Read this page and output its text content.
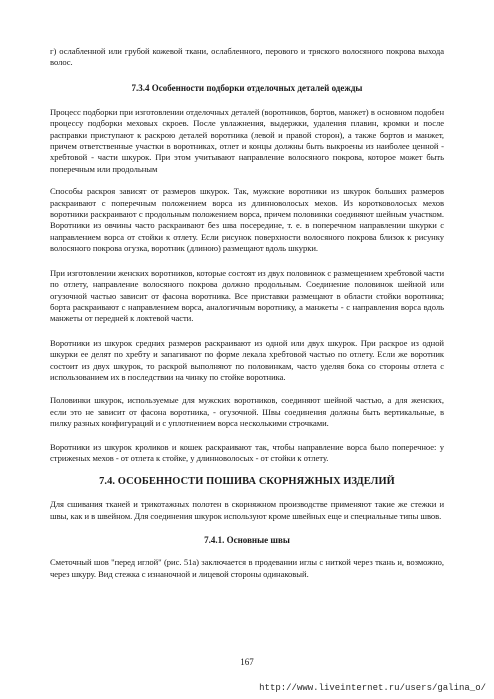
г) ослабленной или грубой кожевой ткани, ослабленного, перового и тряского волосяного покрова выхода волос.

7.3.4 Особенности подборки отделочных деталей одежды

Процесс подборки при изготовлении отделочных деталей (воротников, бортов, манжет) в основном подобен процессу подборки меховых скроев. После увлажнения, выдержки, удаления плавин, кромки и после расправки приступают к раскрою деталей воротника (левой и правой сторон), а также бортов и манжет, причем ответственные участки в воротниках, отлет и концы должны быть выкроены из наиболее ценной - хребтовой - части шкурок. При этом учитывают направление волосяного покрова, которое может быть поперечным или продольным

Способы раскроя зависят от размеров шкурок. Так, мужские воротники из шкурок больших размеров раскраивают с поперечным положением ворса из длинноволосых мехов. Из коротковолосых мехов воротники раскраивают с продольным положением ворса, причем половинки соединяют шейным участком. Воротники из овчины часто раскраивают без шва посередине, т. е. в поперечном направлении шкурки с направлением ворса от стойки к отлету. Если рисунок поверхности волосяного покрова близок к рисунку волосяного покрова огузка, воротник (длиною) размещают вдоль шкурки.

При изготовлении женских воротников, которые состоят из двух половинок с размещением хребтовой части по отлету, направление волосяного покрова должно продольным. Соединение половинок шейной или огузочной частью зависит от фасона воротника. Все приставки размещают в области стойки воротника; борта раскраивают с направлением ворса, аналогичным воротнику, а манжеты - с направления ворса вдоль манжеты от передней к локтевой части.

Воротники из шкурок средних размеров раскраивают из одной или двух шкурок. При раскрое из одной шкурки ее делят по хребту и запагивают по форме лекала хребтовой частью по отлету. Если же воротник состоит из двух шкурок, то раскрой выполняют по половинкам, часто уделяя бока со стороны отлета с использованием их в последствии на чинку по стойке воротника.

Половинки шкурок, используемые для мужских воротников, соединяют шейной частью, а для женских, если это не зависит от фасона воротника, - огузочной. Швы соединения должны быть вертикальные, в пилку разных конфигураций и с уплотнением ворса несколькими строчками.

Воротники из шкурок кроликов и кошек раскраивают так, чтобы направление ворса было поперечное: у стриженых мехов - от отлета к стойке, у длинноволосых - от стойки к отлету.

7.4. ОСОБЕННОСТИ ПОШИВА СКОРНЯЖНЫХ ИЗДЕЛИЙ

Для сшивания тканей и трикотажных полотен в скорняжном производстве применяют такие же стежки и швы, как и в швейном. Для соединения шкурок используют кроме швейных еще и специальные типы швов.

7.4.1. Основные швы

Сметочный шов "перед иглой" (рис. 51а) заключается в продевании иглы с ниткой через ткань и, возможно, через шкуру. Вид стежка с изнаночной и лицевой стороны одинаковый.

167
http://www.liveinternet.ru/users/galina_o/
